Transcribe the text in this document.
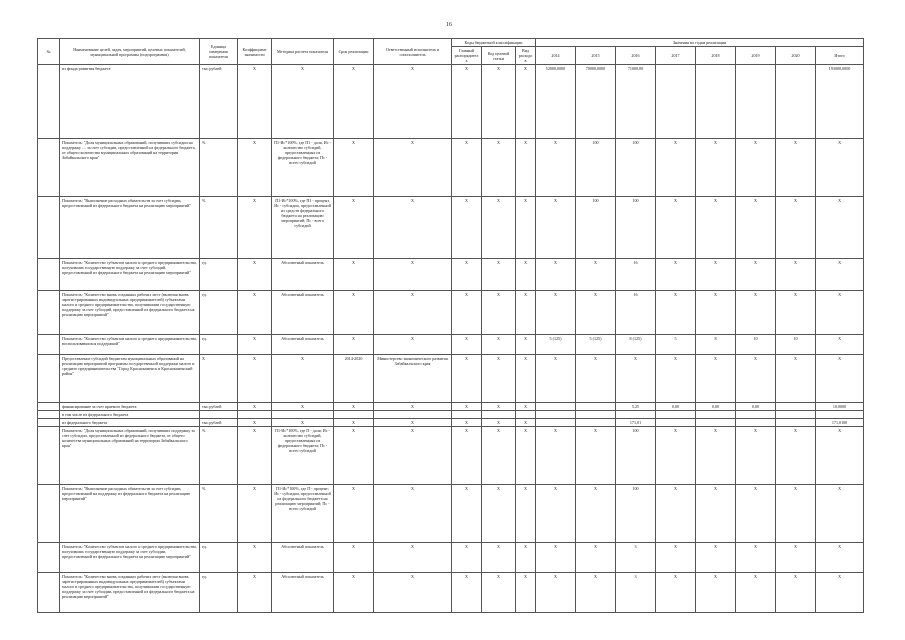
16
№	Наименование целей, задач, мероприятий, целевых показателей, муниципальной программы (подпрограммы)	Единица измерения показателя	Коэффициент значимости	Методика расчета показателя	Срок реализации	Ответственный исполнитель и соисполнитель	Коды бюджетной классификации			Значения по годам реализации							
							Главный распорядитель	Код целевой статьи	Вид расходов	2014	2015	2016	2017	2018	2019	2020	Итого
	из фонда развития бюджета	тыс.рублей	Х	Х	Х	Х	Х	Х	Х	52000,0000	70000,0000	71000,00					193000,0000
	Показатель: "Доля муниципальных образований, получивших субсидии на поддержку … за счет субсидии, предоставленной из федерального бюджета, от общего количества муниципальных образований на территории Забайкальского края"	%	Х	П1-Ис*100%, где П1 - доля, Ис - количество субсидий, предоставленных из федерального бюджета; Пс - всего субсидий	Х	Х	Х	Х	Х	Х	100	100	Х	Х	Х	Х	Х
	Показатель: "Выполнение расходных обязательств за счет субсидии, предоставленной из федерального бюджета на реализацию мероприятий"	%	Х	П1-Ис*100%, где П1 - процент, Ис - субсидии, предоставленной из средств федерального бюджета на реализацию мероприятий; Пс - всего субсидий	Х	Х	Х	Х	Х	Х	100	100	Х	Х	Х	Х	Х
	Показатель: "Количество субъектов малого и среднего предпринимательства, получивших государственную поддержку за счет субсидий, предоставленной из федерального бюджета на реализацию мероприятий"	ед.	Х	Абсолютный показатель	Х	Х	Х	Х	Х	Х	Х	16	Х	Х	Х	Х	Х
	Показатель: "Количество вновь созданных рабочих мест (включая вновь зарегистрированных индивидуальных предпринимателей) субъектами малого и среднего предпринимательства, получившими государственную поддержку за счет субсидий, предоставленной из федерального бюджета на реализацию мероприятий"	ед.	Х	Абсолютный показатель	Х	Х	Х	Х	Х	Х	Х	16	Х	Х	Х	Х	Х
	Показатель: "Количество субъектов малого и среднего предпринимательства, воспользовавшихся поддержкой"	ед.	Х	Абсолютный показатель	Х	Х	Х	Х	Х	5 (125)	5 (125)	8 (125)	5	8	10	10	Х
	Предоставление субсидий бюджетам муниципальных образований на реализацию мероприятий программы государственной поддержки малого и среднего предпринимательства "Город Краснокаменск и Краснокаменский район"	Х	Х	Х	2014-2020	Министерство экономического развития Забайкальского края	Х	Х	Х	Х	Х	Х	Х	Х	Х	Х	Х
	финансирование за счет краевого бюджета	тыс.рублей	Х	Х	Х	Х	Х	Х	Х			5,25	0,00	0,00	0,00		10,0000
	в том числе из федерального бюджета																
	из федерального бюджета	тыс.рублей	Х	Х	Х	Х	Х	Х	Х			171,01					171,0100
	Показатель: "Доля муниципальных образований, получивших поддержку за счет субсидии, предоставленной из федерального бюджета, от общего количества муниципальных образований на территории Забайкальского края"	%	Х	П1-Ис*100%, где П - доля; Ис - количество субсидий, предоставленных из федерального бюджета; Пс - всего субсидий	Х	Х	Х	Х	Х	Х	Х	100	Х	Х	Х	Х	Х
	Показатель: "Выполнение расходных обязательств за счет субсидии, предоставленной на поддержку из федерального бюджета на реализацию мероприятий"	%	Х	П1-Ис*100%, где П - процент; Ис - субсидии, предоставленной из федерального бюджета на реализацию мероприятий; Пс - всего субсидий	Х	Х	Х	Х	Х	Х	Х	100	Х	Х	Х	Х	Х
	Показатель: "Количество субъектов малого и среднего предпринимательства, получивших государственную поддержку за счет субсидии, предоставленной из федерального бюджета на реализацию мероприятий"	ед.	Х	Абсолютный показатель	Х	Х	Х	Х	Х	Х	Х	3	Х	Х	Х	Х	Х
	Показатель: "Количество вновь созданных рабочих мест (включая вновь зарегистрированных индивидуальных предпринимателей) субъектами малого и среднего предпринимательства, получившими государственную поддержку за счет субсидии, предоставленной из федерального бюджета на реализацию мероприятий"	ед.	Х	Абсолютный показатель	Х	Х	Х	Х	Х	Х	Х	3	Х	Х	Х	Х	Х
